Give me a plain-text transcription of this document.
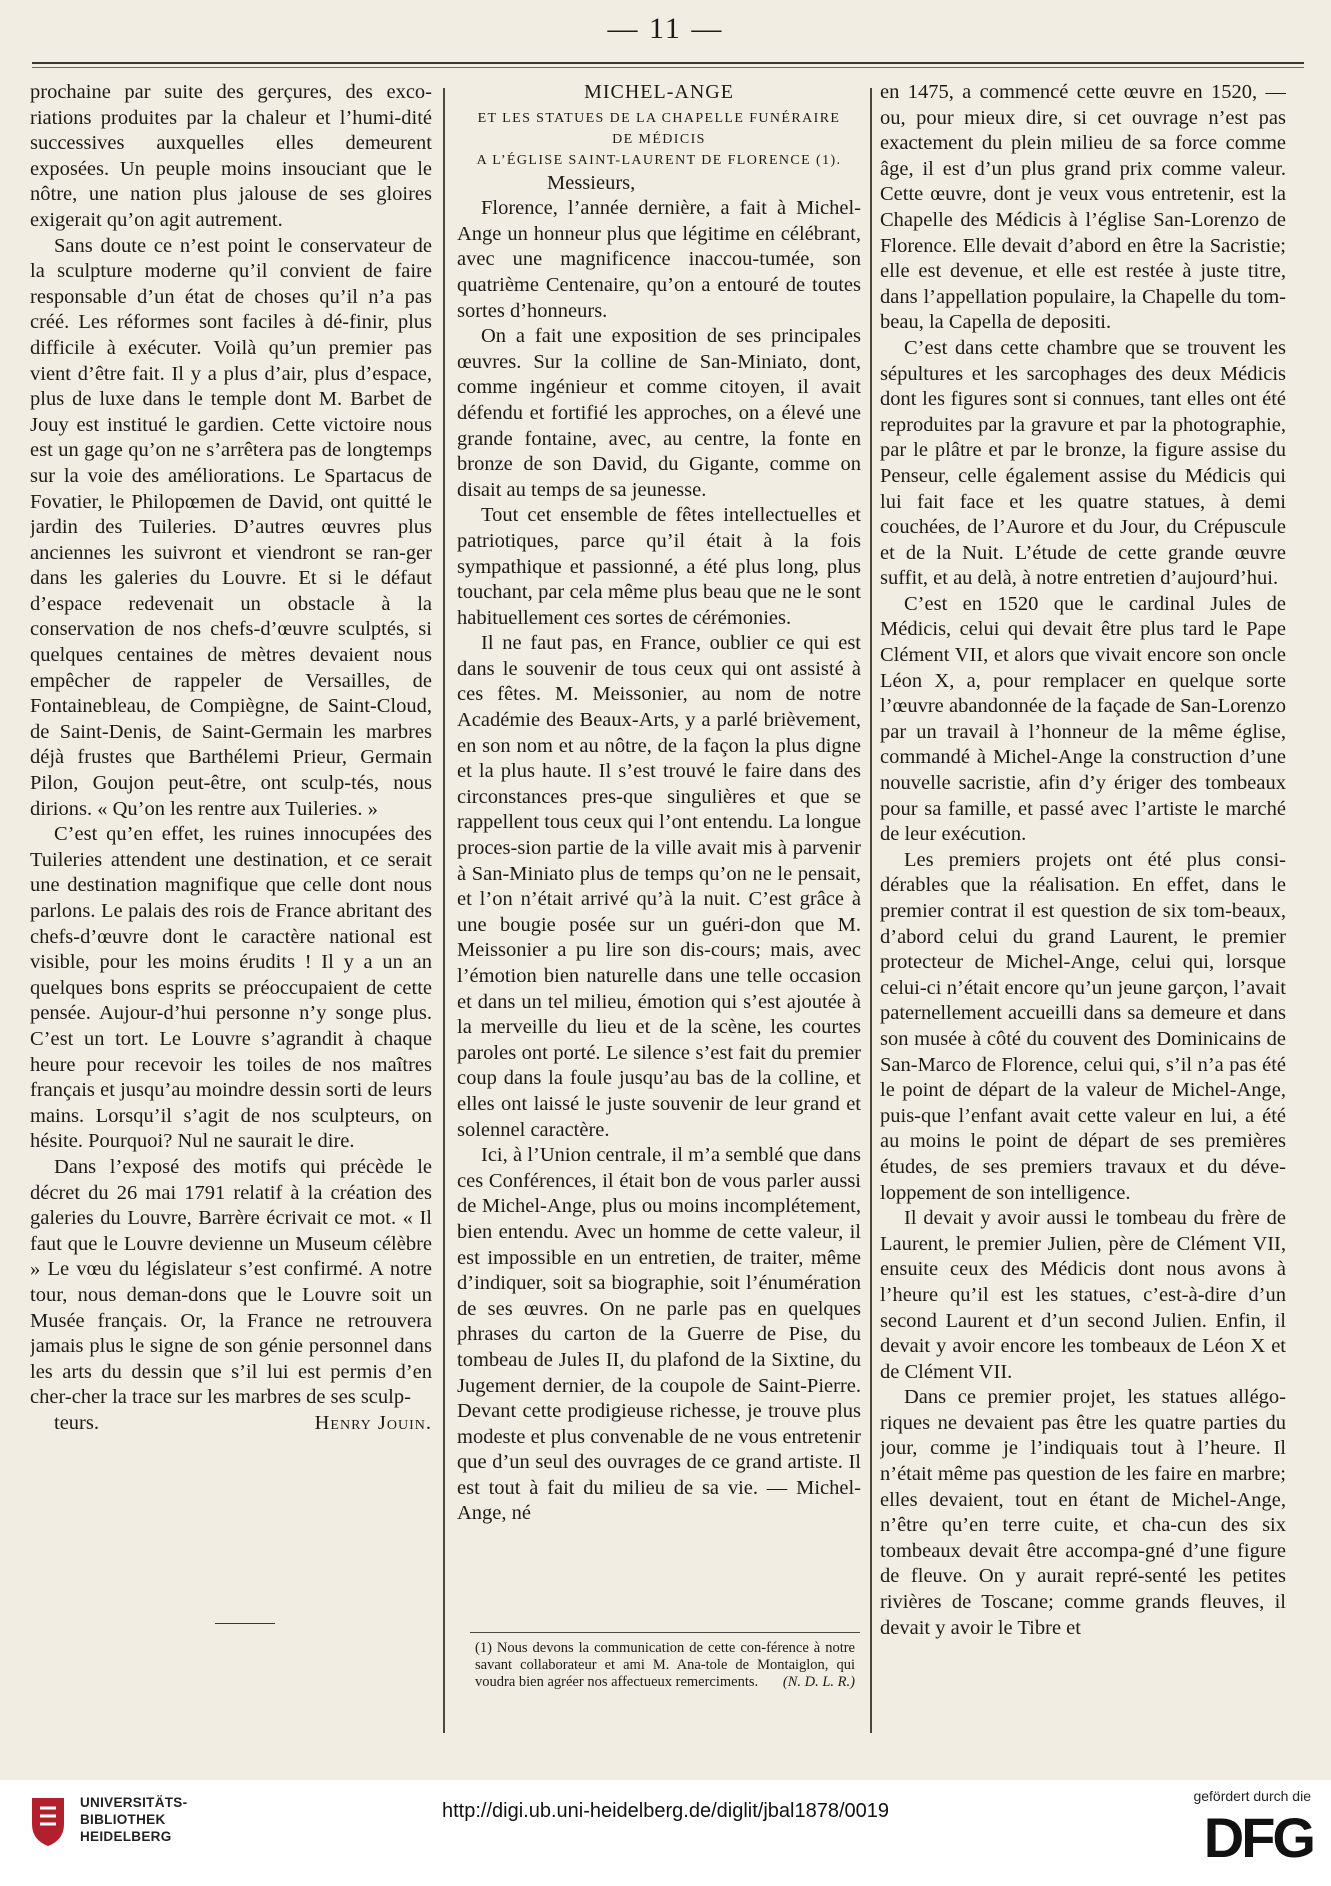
— 11 —

prochaine par suite des gerçures, des exco-riations produites par la chaleur et l’humi-dité successives auxquelles elles demeurent exposées. Un peuple moins insouciant que le nôtre, une nation plus jalouse de ses gloires exigerait qu’on agit autrement.

Sans doute ce n’est point le conservateur de la sculpture moderne qu’il convient de faire responsable d’un état de choses qu’il n’a pas créé. Les réformes sont faciles à dé-finir, plus difficile à exécuter. Voilà qu’un premier pas vient d’être fait. Il y a plus d’air, plus d’espace, plus de luxe dans le temple dont M. Barbet de Jouy est institué le gardien. Cette victoire nous est un gage qu’on ne s’arrêtera pas de longtemps sur la voie des améliorations. Le Spartacus de Fovatier, le Philopœmen de David, ont quitté le jardin des Tuileries. D’autres œuvres plus anciennes les suivront et viendront se ran-ger dans les galeries du Louvre. Et si le défaut d’espace redevenait un obstacle à la conservation de nos chefs-d’œuvre sculptés, si quelques centaines de mètres devaient nous empêcher de rappeler de Versailles, de Fontainebleau, de Compiègne, de Saint-Cloud, de Saint-Denis, de Saint-Germain les marbres déjà frustes que Barthélemi Prieur, Germain Pilon, Goujon peut-être, ont sculp-tés, nous dirions. « Qu’on les rentre aux Tuileries. »

C’est qu’en effet, les ruines innocupées des Tuileries attendent une destination, et ce serait une destination magnifique que celle dont nous parlons. Le palais des rois de France abritant des chefs-d’œuvre dont le caractère national est visible, pour les moins érudits ! Il y a un an quelques bons esprits se préoccupaient de cette pensée. Aujour-d’hui personne n’y songe plus. C’est un tort. Le Louvre s’agrandit à chaque heure pour recevoir les toiles de nos maîtres français et jusqu’au moindre dessin sorti de leurs mains. Lorsqu’il s’agit de nos sculpteurs, on hésite. Pourquoi? Nul ne saurait le dire.

Dans l’exposé des motifs qui précède le décret du 26 mai 1791 relatif à la création des galeries du Louvre, Barrère écrivait ce mot. « Il faut que le Louvre devienne un Museum célèbre » Le vœu du législateur s’est confirmé. A notre tour, nous deman-dons que le Louvre soit un Musée français. Or, la France ne retrouvera jamais plus le signe de son génie personnel dans les arts du dessin que s’il lui est permis d’en cher-cher la trace sur les marbres de ses sculp-

teurs.	Henry Jouin.

MICHEL-ANGE
ET LES STATUES DE LA CHAPELLE FUNÉRAIRE
DE MÉDICIS
A L’ÉGLISE SAINT-LAURENT DE FLORENCE (1).

Messieurs,

Florence, l’année dernière, a fait à Michel-Ange un honneur plus que légitime en célébrant, avec une magnificence inaccou-tumée, son quatrième Centenaire, qu’on a entouré de toutes sortes d’honneurs.

On a fait une exposition de ses principales œuvres. Sur la colline de San-Miniato, dont, comme ingénieur et comme citoyen, il avait défendu et fortifié les approches, on a élevé une grande fontaine, avec, au centre, la fonte en bronze de son David, du Gigante, comme on disait au temps de sa jeunesse.

Tout cet ensemble de fêtes intellectuelles et patriotiques, parce qu’il était à la fois sympathique et passionné, a été plus long, plus touchant, par cela même plus beau que ne le sont habituellement ces sortes de cérémonies.

Il ne faut pas, en France, oublier ce qui est dans le souvenir de tous ceux qui ont assisté à ces fêtes. M. Meissonier, au nom de notre Académie des Beaux-Arts, y a parlé brièvement, en son nom et au nôtre, de la façon la plus digne et la plus haute. Il s’est trouvé le faire dans des circonstances pres-que singulières et que se rappellent tous ceux qui l’ont entendu. La longue proces-sion partie de la ville avait mis à parvenir à San-Miniato plus de temps qu’on ne le pensait, et l’on n’était arrivé qu’à la nuit. C’est grâce à une bougie posée sur un guéri-don que M. Meissonier a pu lire son dis-cours; mais, avec l’émotion bien naturelle dans une telle occasion et dans un tel milieu, émotion qui s’est ajoutée à la merveille du lieu et de la scène, les courtes paroles ont porté. Le silence s’est fait du premier coup dans la foule jusqu’au bas de la colline, et elles ont laissé le juste souvenir de leur grand et solennel caractère.

Ici, à l’Union centrale, il m’a semblé que dans ces Conférences, il était bon de vous parler aussi de Michel-Ange, plus ou moins incomplétement, bien entendu. Avec un homme de cette valeur, il est impossible en un entretien, de traiter, même d’indiquer, soit sa biographie, soit l’énumération de ses œuvres. On ne parle pas en quelques phrases du carton de la Guerre de Pise, du tombeau de Jules II, du plafond de la Sixtine, du Jugement dernier, de la coupole de Saint-Pierre. Devant cette prodigieuse richesse, je trouve plus modeste et plus convenable de ne vous entretenir que d’un seul des ouvrages de ce grand artiste. Il est tout à fait du milieu de sa vie. — Michel-Ange, né

(1) Nous devons la communication de cette con-férence à notre savant collaborateur et ami M. Ana-tole de Montaiglon, qui voudra bien agréer nos affectueux remerciments. (N. D. L. R.)

en 1475, a commencé cette œuvre en 1520, — ou, pour mieux dire, si cet ouvrage n’est pas exactement du plein milieu de sa force comme âge, il est d’un plus grand prix comme valeur. Cette œuvre, dont je veux vous entretenir, est la Chapelle des Médicis à l’église San-Lorenzo de Florence. Elle devait d’abord en être la Sacristie; elle est devenue, et elle est restée à juste titre, dans l’appellation populaire, la Chapelle du tom-beau, la Capella de depositi.

C’est dans cette chambre que se trouvent les sépultures et les sarcophages des deux Médicis dont les figures sont si connues, tant elles ont été reproduites par la gravure et par la photographie, par le plâtre et par le bronze, la figure assise du Penseur, celle également assise du Médicis qui lui fait face et les quatre statues, à demi couchées, de l’Aurore et du Jour, du Crépuscule et de la Nuit. L’étude de cette grande œuvre suffit, et au delà, à notre entretien d’aujourd’hui.

C’est en 1520 que le cardinal Jules de Médicis, celui qui devait être plus tard le Pape Clément VII, et alors que vivait encore son oncle Léon X, a, pour remplacer en quelque sorte l’œuvre abandonnée de la façade de San-Lorenzo par un travail à l’honneur de la même église, commandé à Michel-Ange la construction d’une nouvelle sacristie, afin d’y ériger des tombeaux pour sa famille, et passé avec l’artiste le marché de leur exécution.

Les premiers projets ont été plus consi-dérables que la réalisation. En effet, dans le premier contrat il est question de six tom-beaux, d’abord celui du grand Laurent, le premier protecteur de Michel-Ange, celui qui, lorsque celui-ci n’était encore qu’un jeune garçon, l’avait paternellement accueilli dans sa demeure et dans son musée à côté du couvent des Dominicains de San-Marco de Florence, celui qui, s’il n’a pas été le point de départ de la valeur de Michel-Ange, puis-que l’enfant avait cette valeur en lui, a été au moins le point de départ de ses premières études, de ses premiers travaux et du déve-loppement de son intelligence.

Il devait y avoir aussi le tombeau du frère de Laurent, le premier Julien, père de Clément VII, ensuite ceux des Médicis dont nous avons à l’heure qu’il est les statues, c’est-à-dire d’un second Laurent et d’un second Julien. Enfin, il devait y avoir encore les tombeaux de Léon X et de Clément VII.

Dans ce premier projet, les statues allégo-riques ne devaient pas être les quatre parties du jour, comme je l’indiquais tout à l’heure. Il n’était même pas question de les faire en marbre; elles devaient, tout en étant de Michel-Ange, n’être qu’en terre cuite, et cha-cun des six tombeaux devait être accompa-gné d’une figure de fleuve. On y aurait repré-senté les petites rivières de Toscane; comme grands fleuves, il devait y avoir le Tibre et

UNIVERSITÄTS-
BIBLIOTHEK
HEIDELBERG
http://digi.ub.uni-heidelberg.de/diglit/jbal1878/0019
gefördert durch die
DFG
